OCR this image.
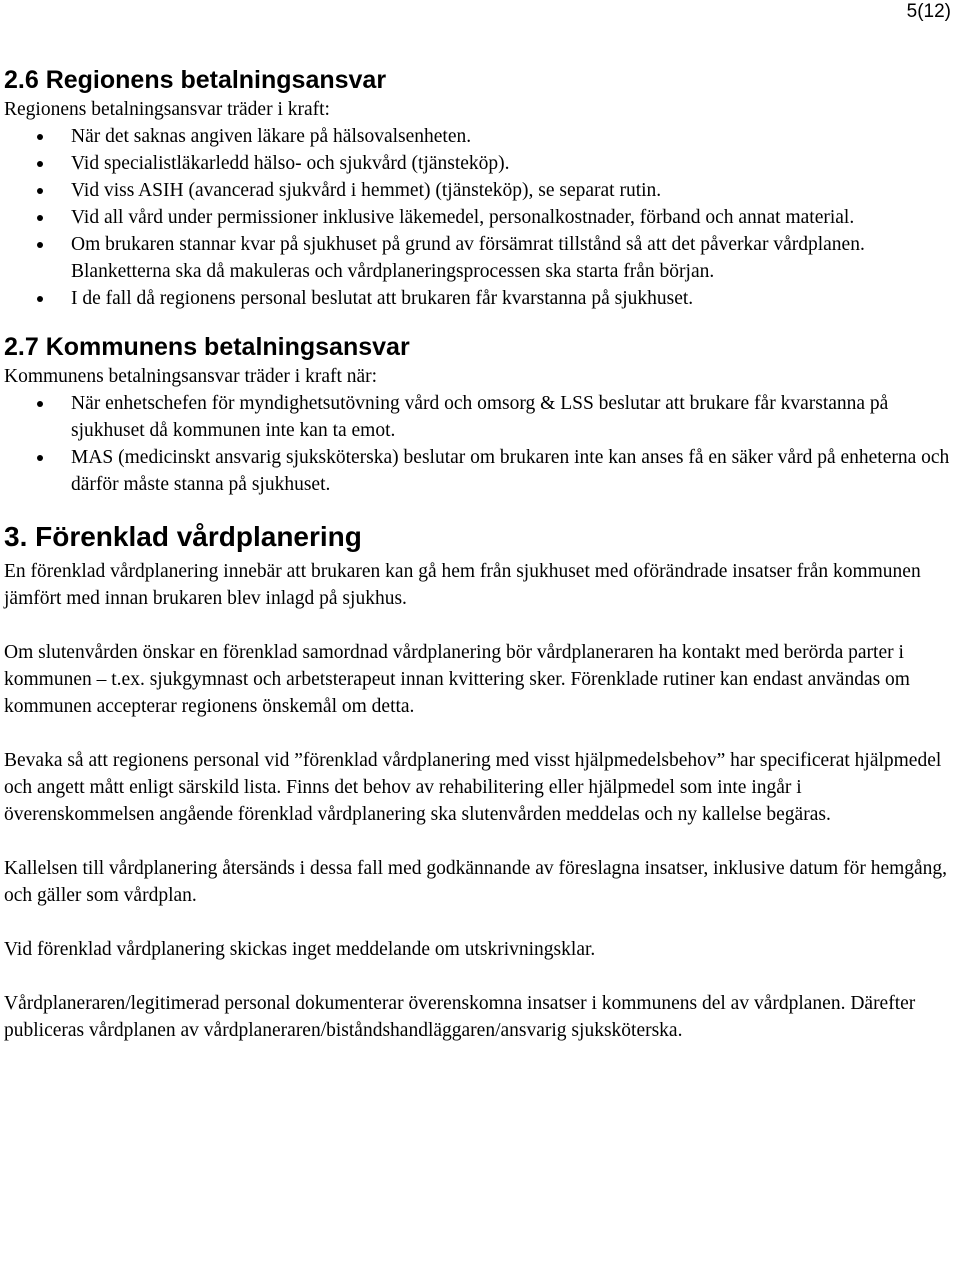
5(12)
2.6 Regionens betalningsansvar

Regionens betalningsansvar träder i kraft:

När det saknas angiven läkare på hälsovalsenheten.
Vid specialistläkarledd hälso- och sjukvård (tjänsteköp).
Vid viss ASIH (avancerad sjukvård i hemmet) (tjänsteköp), se separat rutin.
Vid all vård under permissioner inklusive läkemedel, personalkostnader, förband och annat material.
Om brukaren stannar kvar på sjukhuset på grund av försämrat tillstånd så att det påverkar vårdplanen. Blanketterna ska då makuleras och vårdplaneringsprocessen ska starta från början.
I de fall då regionens personal beslutat att brukaren får kvarstanna på sjukhuset.
2.7 Kommunens betalningsansvar

Kommunens betalningsansvar träder i kraft när:

När enhetschefen för myndighetsutövning vård och omsorg & LSS beslutar att brukare får kvarstanna på sjukhuset då kommunen inte kan ta emot.
MAS (medicinskt ansvarig sjuksköterska) beslutar om brukaren inte kan anses få en säker vård på enheterna och därför måste stanna på sjukhuset.
3. Förenklad vårdplanering

En förenklad vårdplanering innebär att brukaren kan gå hem från sjukhuset med oförändrade insatser från kommunen jämfört med innan brukaren blev inlagd på sjukhus.

Om slutenvården önskar en förenklad samordnad vårdplanering bör vårdplaneraren ha kontakt med berörda parter i kommunen – t.ex. sjukgymnast och arbetsterapeut innan kvittering sker. Förenklade rutiner kan endast användas om kommunen accepterar regionens önskemål om detta.

Bevaka så att regionens personal vid ”förenklad vårdplanering med visst hjälpmedelsbehov” har specificerat hjälpmedel och angett mått enligt särskild lista. Finns det behov av rehabilitering eller hjälpmedel som inte ingår i överenskommelsen angående förenklad vårdplanering ska slutenvården meddelas och ny kallelse begäras.

Kallelsen till vårdplanering återsänds i dessa fall med godkännande av föreslagna insatser, inklusive datum för hemgång, och gäller som vårdplan.

Vid förenklad vårdplanering skickas inget meddelande om utskrivningsklar.

Vårdplaneraren/legitimerad personal dokumenterar överenskomna insatser i kommunens del av vårdplanen. Därefter publiceras vårdplanen av vårdplaneraren/biståndshandläggaren/ansvarig sjuksköterska.
